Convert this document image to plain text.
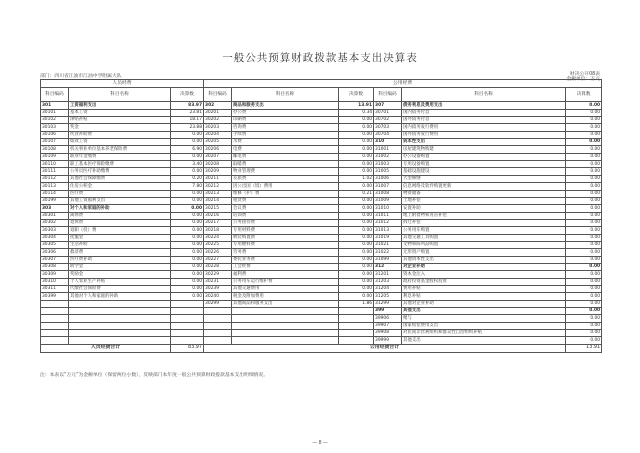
一般公共预算财政拨款基本支出决算表
财决公开08表
部门：四川省江油市江油中学附属大队
金额单位：万元
人员经费			公用经费					
科目编码	科目名称	决算数	科目编码	科目名称	决算数	科目编码	科目名称	决算数
301	工资福利支出	83.97	302	商品和服务支出	13.91	307	债务利息及费用支出	0.00
30101	基本工资	23.81	30201	办公费	0.34	30701	国内债务付息	0.00
30102	津贴补贴	18.17	30202	印刷费	0.00	30702	国外债务付息	0.00
30103	奖金	23.88	30203	咨询费	0.00	30703	国内债务发行费用	0.00
30106	伙食补助费	0.00	30204	手续费	0.00	30704	国外债务发行费用	0.00
30107	绩效工资	0.00	30205	水费	0.00	310	资本性支出	0.00
30108	机关事业单位基本养老保险费	6.90	30206	电费	0.00	31001	房屋建筑物购建	0.00
30109	职业年金缴费	0.00	30207	邮电费	0.00	31002	办公设备购置	0.00
30110	职工基本医疗保险缴费	3.40	30208	取暖费	0.00	31003	专用设备购置	0.00
30111	公务员医疗补助缴费	0.00	30209	物业管理费	0.00	31005	基础设施建设	0.00
30112	其他社会保障缴费	0.20	30211	差旅费	1.02	31006	大型修缮	0.00
30113	住房公积金	7.80	30212	因公出国（境）费用	0.00	31007	信息网络及软件购置更新	0.00
30114	医疗费	0.00	30213	维修（护）费	0.21	31008	物资储备	0.00
30199	其他工资福利支出	0.00	30214	租赁费	0.00	31009	土地补偿	0.00
303	对个人和家庭的补助	0.00	30215	会议费	0.00	31010	安置补助	0.00
30301	离休费	0.00	30216	培训费	0.00	31011	地上附着物和青苗补偿	0.00
30302	退休费	0.00	30217	公务接待费	0.00	31012	拆迁补偿	0.00
30303	退职（役）费	0.00	30218	专用材料费	0.00	31013	公务用车购置	0.00
30304	抚恤金	0.00	30224	被装购置费	0.00	31019	其他交通工具购置	0.00
30305	生活补助	0.00	30225	专用燃料费	0.00	31021	文物和陈列品购置	0.00
30306	救济费	0.00	30226	劳务费	0.00	31022	无形资产购置	0.00
30307	医疗费补助	0.00	30227	委托业务费	0.00	31099	其他资本性支出	0.00
30308	助学金	0.00	30228	工会经费	0.00	312	对企业补助	0.00
30309	奖励金	0.00	30229	福利费	0.00	31201	资本金注入	0.00
30310	个人农业生产补贴	0.00	30231	公务用车运行维护费	0.00	31203	政府投资基金股权投资	0.00
30311	代缴社会保险费	0.00	30239	其他交通费用	0.00	31204	费用补贴	0.00
30399	其他对个人和家庭的补助	0.00	30240	税金及附加费用	0.00	31205	利息补贴	0.00
			30299	其他商品和服务支出	1.86	31299	其他对企业补助	0.00
						399	其他支出	0.00
						39906	赠与	0.00
						39907	国家赔偿费用支出	0.00
						39908	对民间非营利组织和群众性自治组织补贴	0.00
						39999	其他支出	0.00
人员经费合计		83.97	公用经费合计					13.91
注：本表以“万元”为金额单位（保留两位小数），反映部门本年度一般公共预算财政拨款基本支出明细情况。
— 8 —
